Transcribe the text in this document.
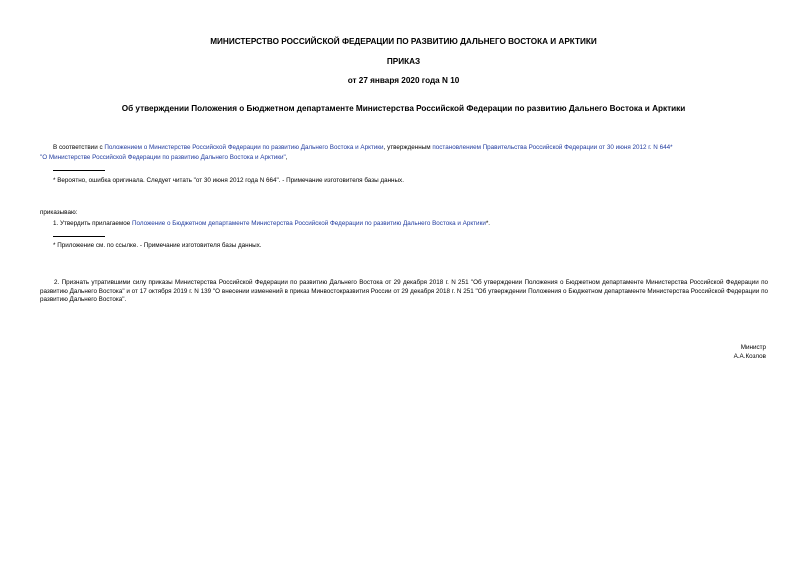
МИНИСТЕРСТВО РОССИЙСКОЙ ФЕДЕРАЦИИ ПО РАЗВИТИЮ ДАЛЬНЕГО ВОСТОКА И АРКТИКИ
ПРИКАЗ
от 27 января 2020 года N 10
Об утверждении Положения о Бюджетном департаменте Министерства Российской Федерации по развитию Дальнего Востока и Арктики
В соответствии с Положением о Министерстве Российской Федерации по развитию Дальнего Востока и Арктики, утвержденным постановлением Правительства Российской Федерации от 30 июня 2012 г. N 644*
"О Министерстве Российской Федерации по развитию Дальнего Востока и Арктики",
* Вероятно, ошибка оригинала. Следует читать "от 30 июня 2012 года N 664". - Примечание изготовителя базы данных.
приказываю:
1. Утвердить прилагаемое Положение о Бюджетном департаменте Министерства Российской Федерации по развитию Дальнего Востока и Арктики*.
* Приложение см. по ссылке. - Примечание изготовителя базы данных.
2. Признать утратившими силу приказы Министерства Российской Федерации по развитию Дальнего Востока от 29 декабря 2018 г. N 251 "Об утверждении Положения о Бюджетном департаменте Министерства Российской Федерации по развитию Дальнего Востока" и от 17 октября 2019 г. N 139 "О внесении изменений в приказ Минвостокразвития России от 29 декабря 2018 г. N 251 "Об утверждении Положения о Бюджетном департаменте Министерства Российской Федерации по развитию Дальнего Востока".
Министр
А.А.Козлов
